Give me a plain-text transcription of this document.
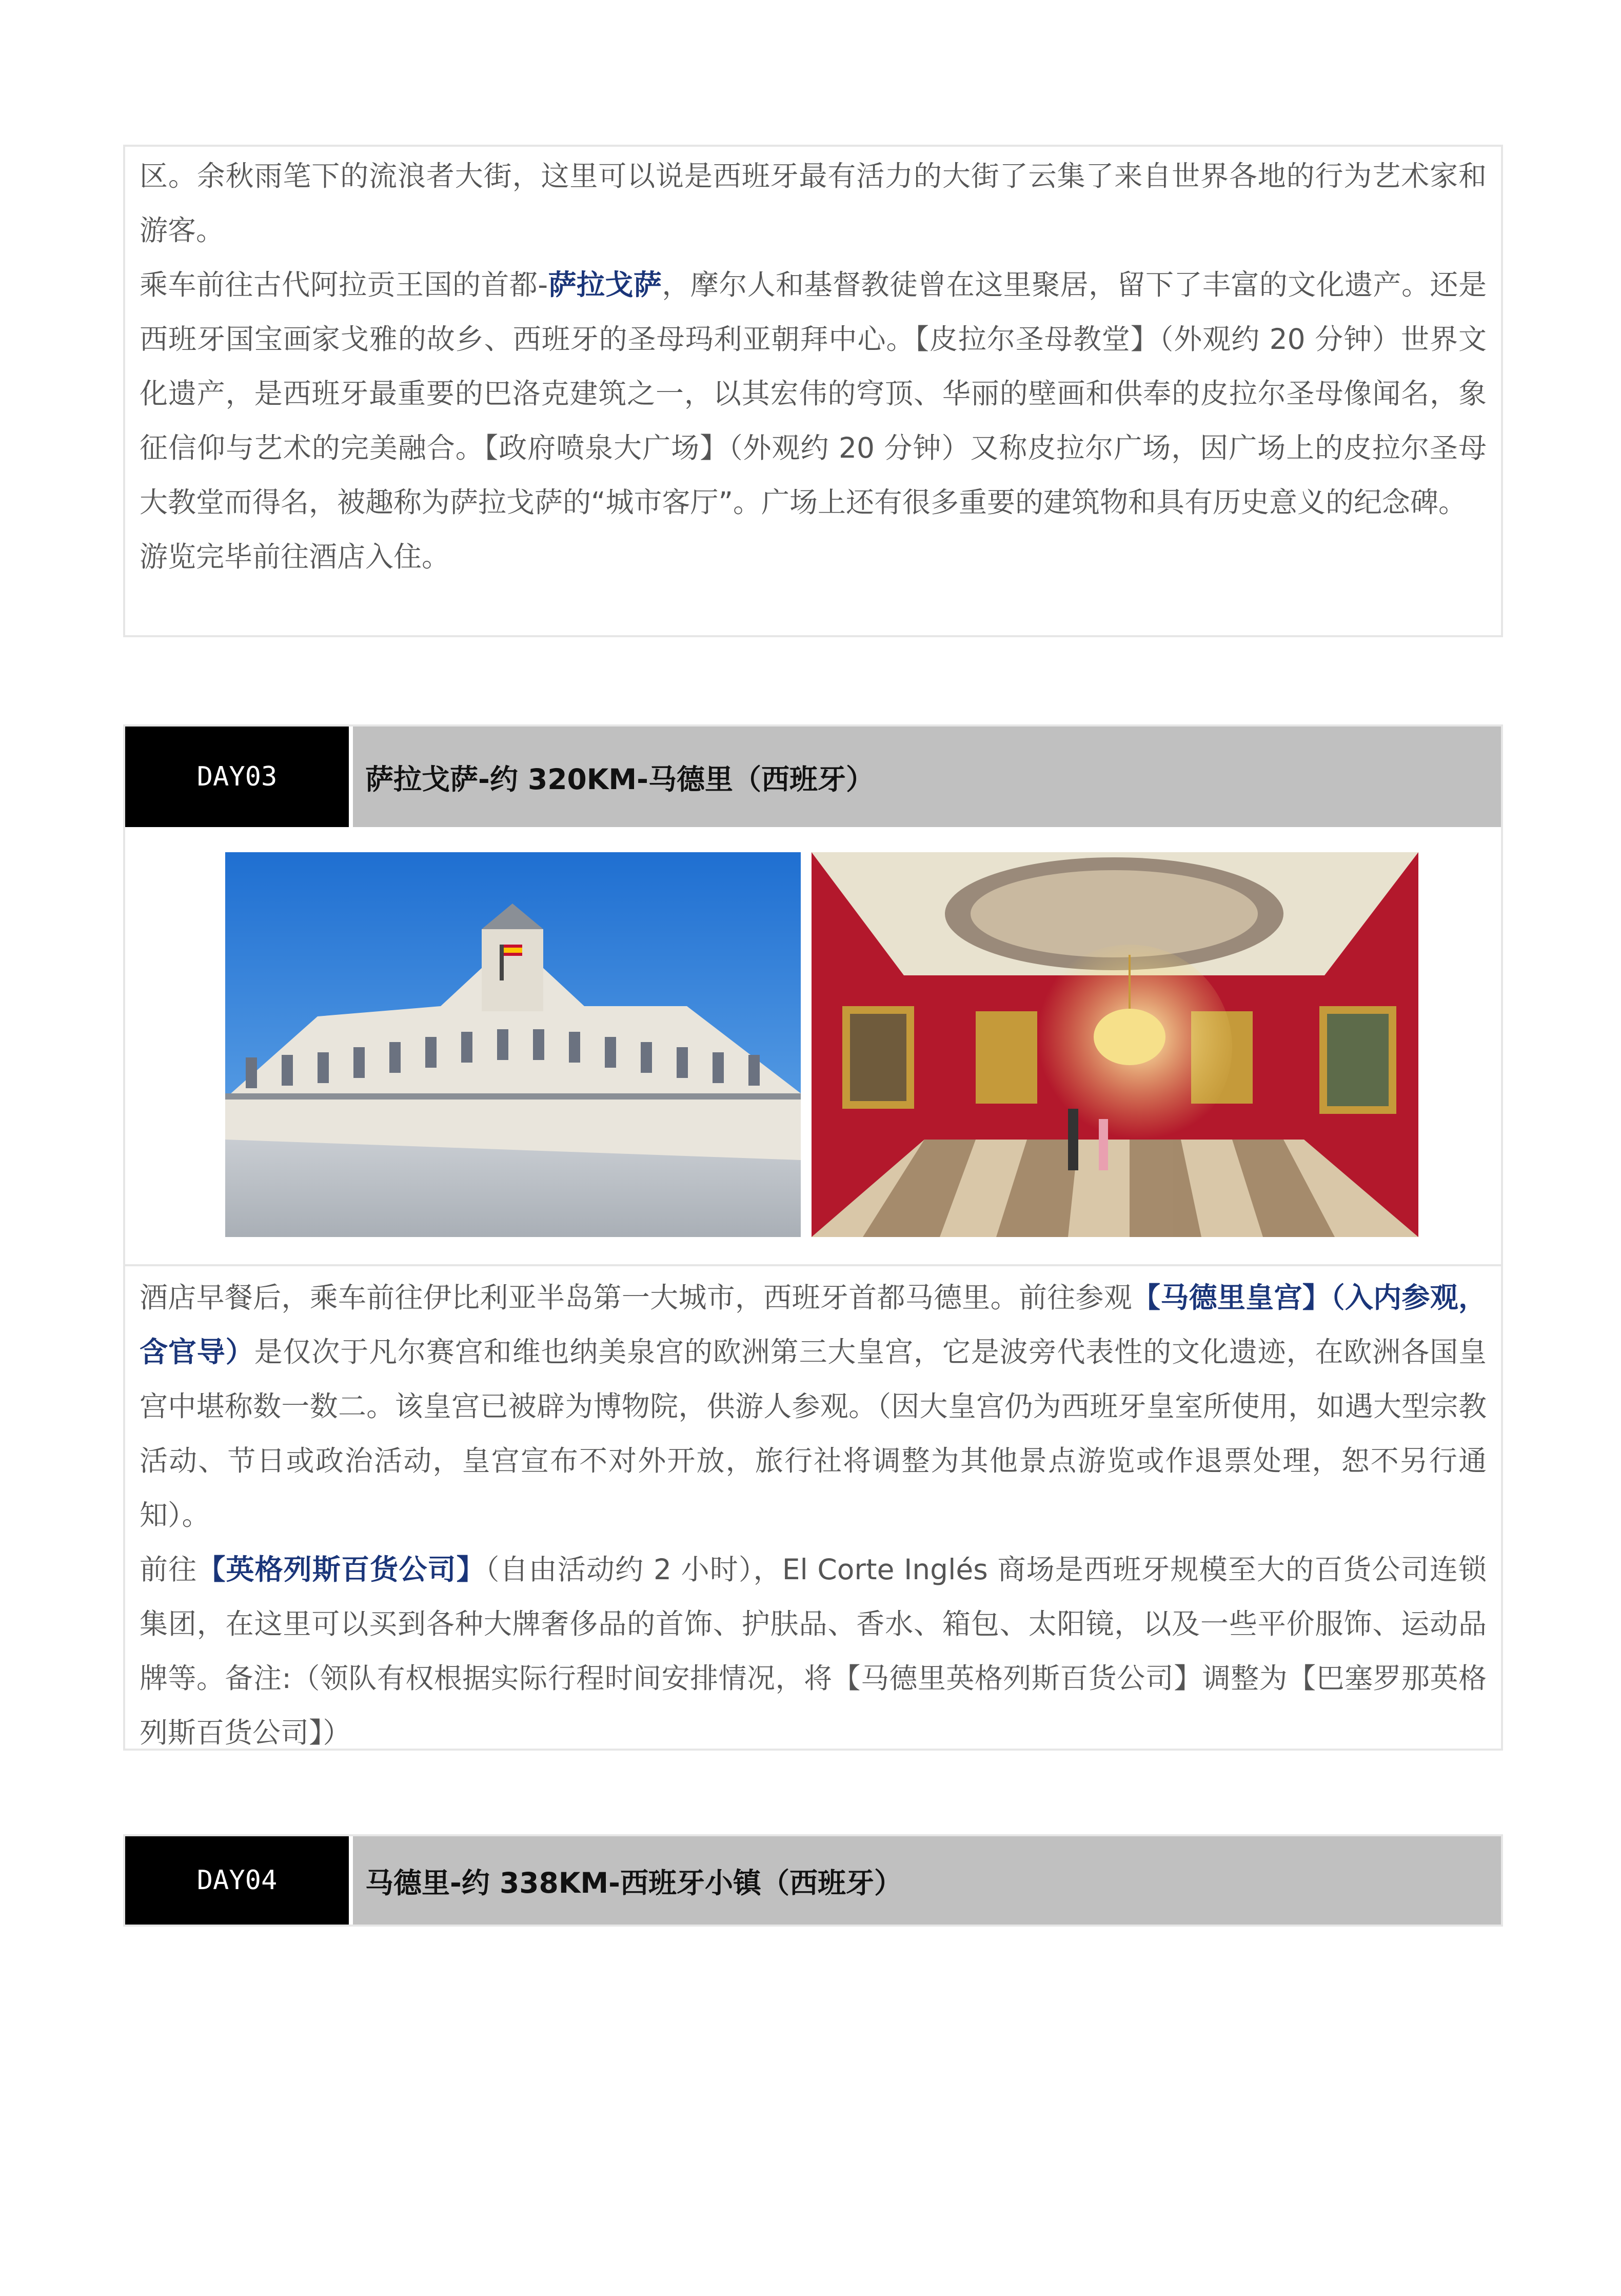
区。余秋雨笔下的流浪者大街，这里可以说是西班牙最有活力的大街了云集了来自世界各地的行为艺术家和游客。

乘车前往古代阿拉贡王国的首都-萨拉戈萨，摩尔人和基督教徒曾在这里聚居，留下了丰富的文化遗产。还是西班牙国宝画家戈雅的故乡、西班牙的圣母玛利亚朝拜中心。【皮拉尔圣母教堂】（外观约 20 分钟）世界文化遗产，是西班牙最重要的巴洛克建筑之一，以其宏伟的穹顶、华丽的壁画和供奉的皮拉尔圣母像闻名，象征信仰与艺术的完美融合。【政府喷泉大广场】（外观约 20 分钟）又称皮拉尔广场，因广场上的皮拉尔圣母大教堂而得名，被趣称为萨拉戈萨的“城市客厅”。广场上还有很多重要的建筑物和具有历史意义的纪念碑。

游览完毕前往酒店入住。

DAY03	萨拉戈萨-约 320KM-马德里（西班牙）

酒店早餐后，乘车前往伊比利亚半岛第一大城市，西班牙首都马德里。前往参观【马德里皇宫】（入内参观，含官导）是仅次于凡尔赛宫和维也纳美泉宫的欧洲第三大皇宫，它是波旁代表性的文化遗迹，在欧洲各国皇宫中堪称数一数二。该皇宫已被辟为博物院，供游人参观。（因大皇宫仍为西班牙皇室所使用，如遇大型宗教活动、节日或政治活动，皇宫宣布不对外开放，旅行社将调整为其他景点游览或作退票处理，恕不另行通知）。

前往【英格列斯百货公司】（自由活动约 2 小时），El Corte Inglés 商场是西班牙规模至大的百货公司连锁集团，在这里可以买到各种大牌奢侈品的首饰、护肤品、香水、箱包、太阳镜，以及一些平价服饰、运动品牌等。备注:（领队有权根据实际行程时间安排情况，将【马德里英格列斯百货公司】调整为【巴塞罗那英格列斯百货公司】）

DAY04	马德里-约 338KM-西班牙小镇（西班牙）
